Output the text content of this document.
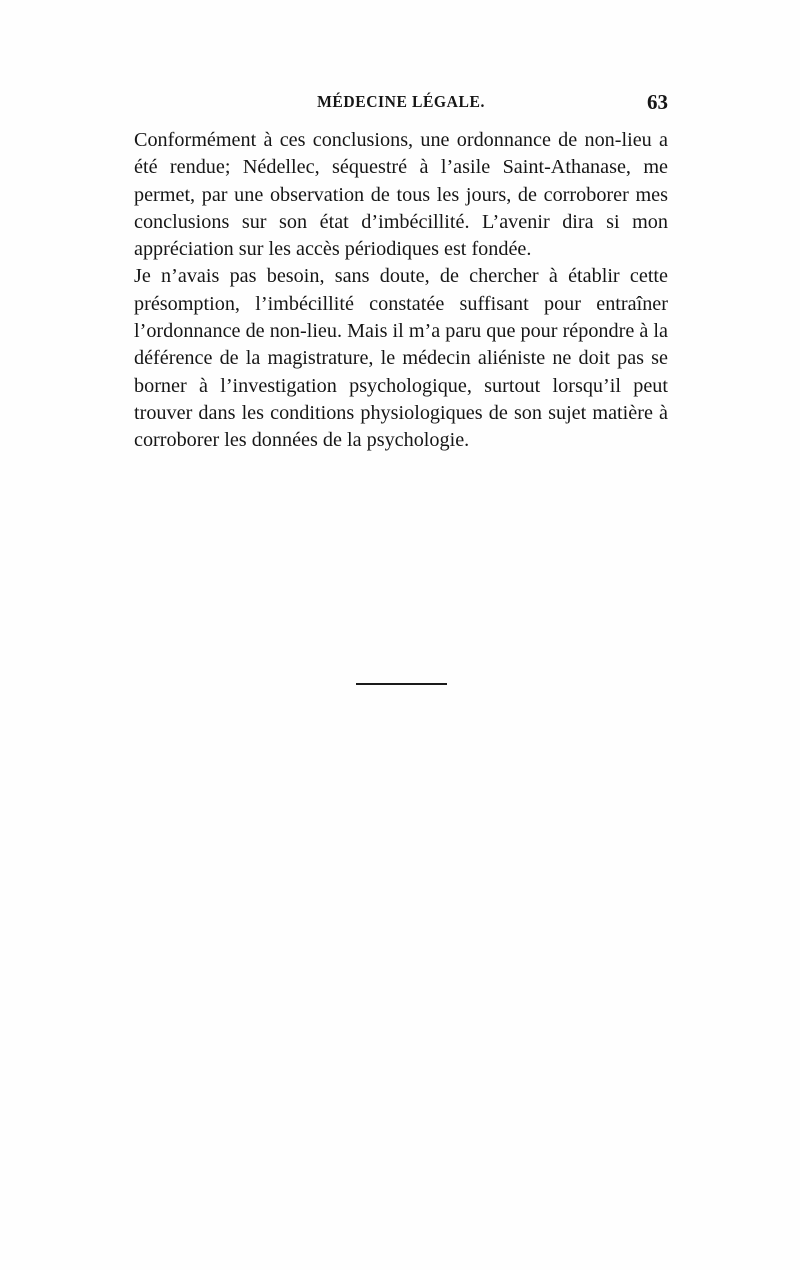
MÉDECINE LÉGALE.	63

Conformément à ces conclusions, une ordonnance de non-lieu a été rendue; Nédellec, séquestré à l’asile Saint-Athanase, me permet, par une observation de tous les jours, de corroborer mes conclusions sur son état d’imbécillité. L’avenir dira si mon appréciation sur les accès périodiques est fondée.

Je n’avais pas besoin, sans doute, de chercher à établir cette présomption, l’imbécillité constatée suffisant pour entraîner l’ordonnance de non-lieu. Mais il m’a paru que pour répondre à la déférence de la magistrature, le médecin aliéniste ne doit pas se borner à l’investigation psychologique, surtout lorsqu’il peut trouver dans les conditions physiologiques de son sujet matière à corroborer les données de la psychologie.
